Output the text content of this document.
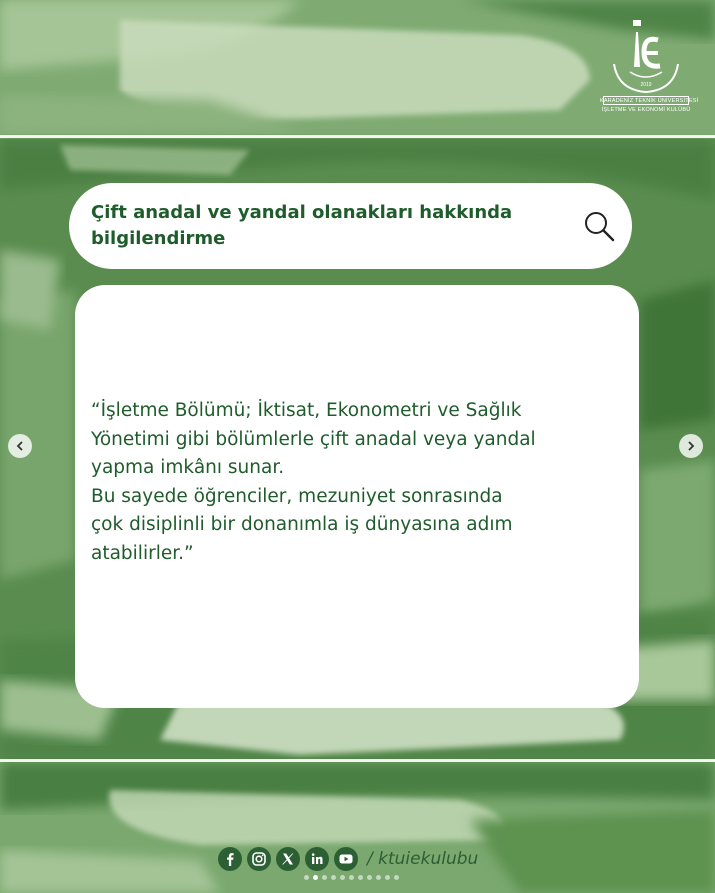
2019
KARADENİZ TEKNİK ÜNİVERSİTESİ
İŞLETME VE EKONOMİ KULÜBÜ
Çift anadal ve yandal olanakları hakkında
bilgilendirme
“İşletme Bölümü; İktisat, Ekonometri ve Sağlık
Yönetimi gibi bölümlerle çift anadal veya yandal
yapma imkânı sunar.
Bu sayede öğrenciler, mezuniyet sonrasında
çok disiplinli bir donanımla iş dünyasına adım
atabilirler.”
/ ktuiekulubu
